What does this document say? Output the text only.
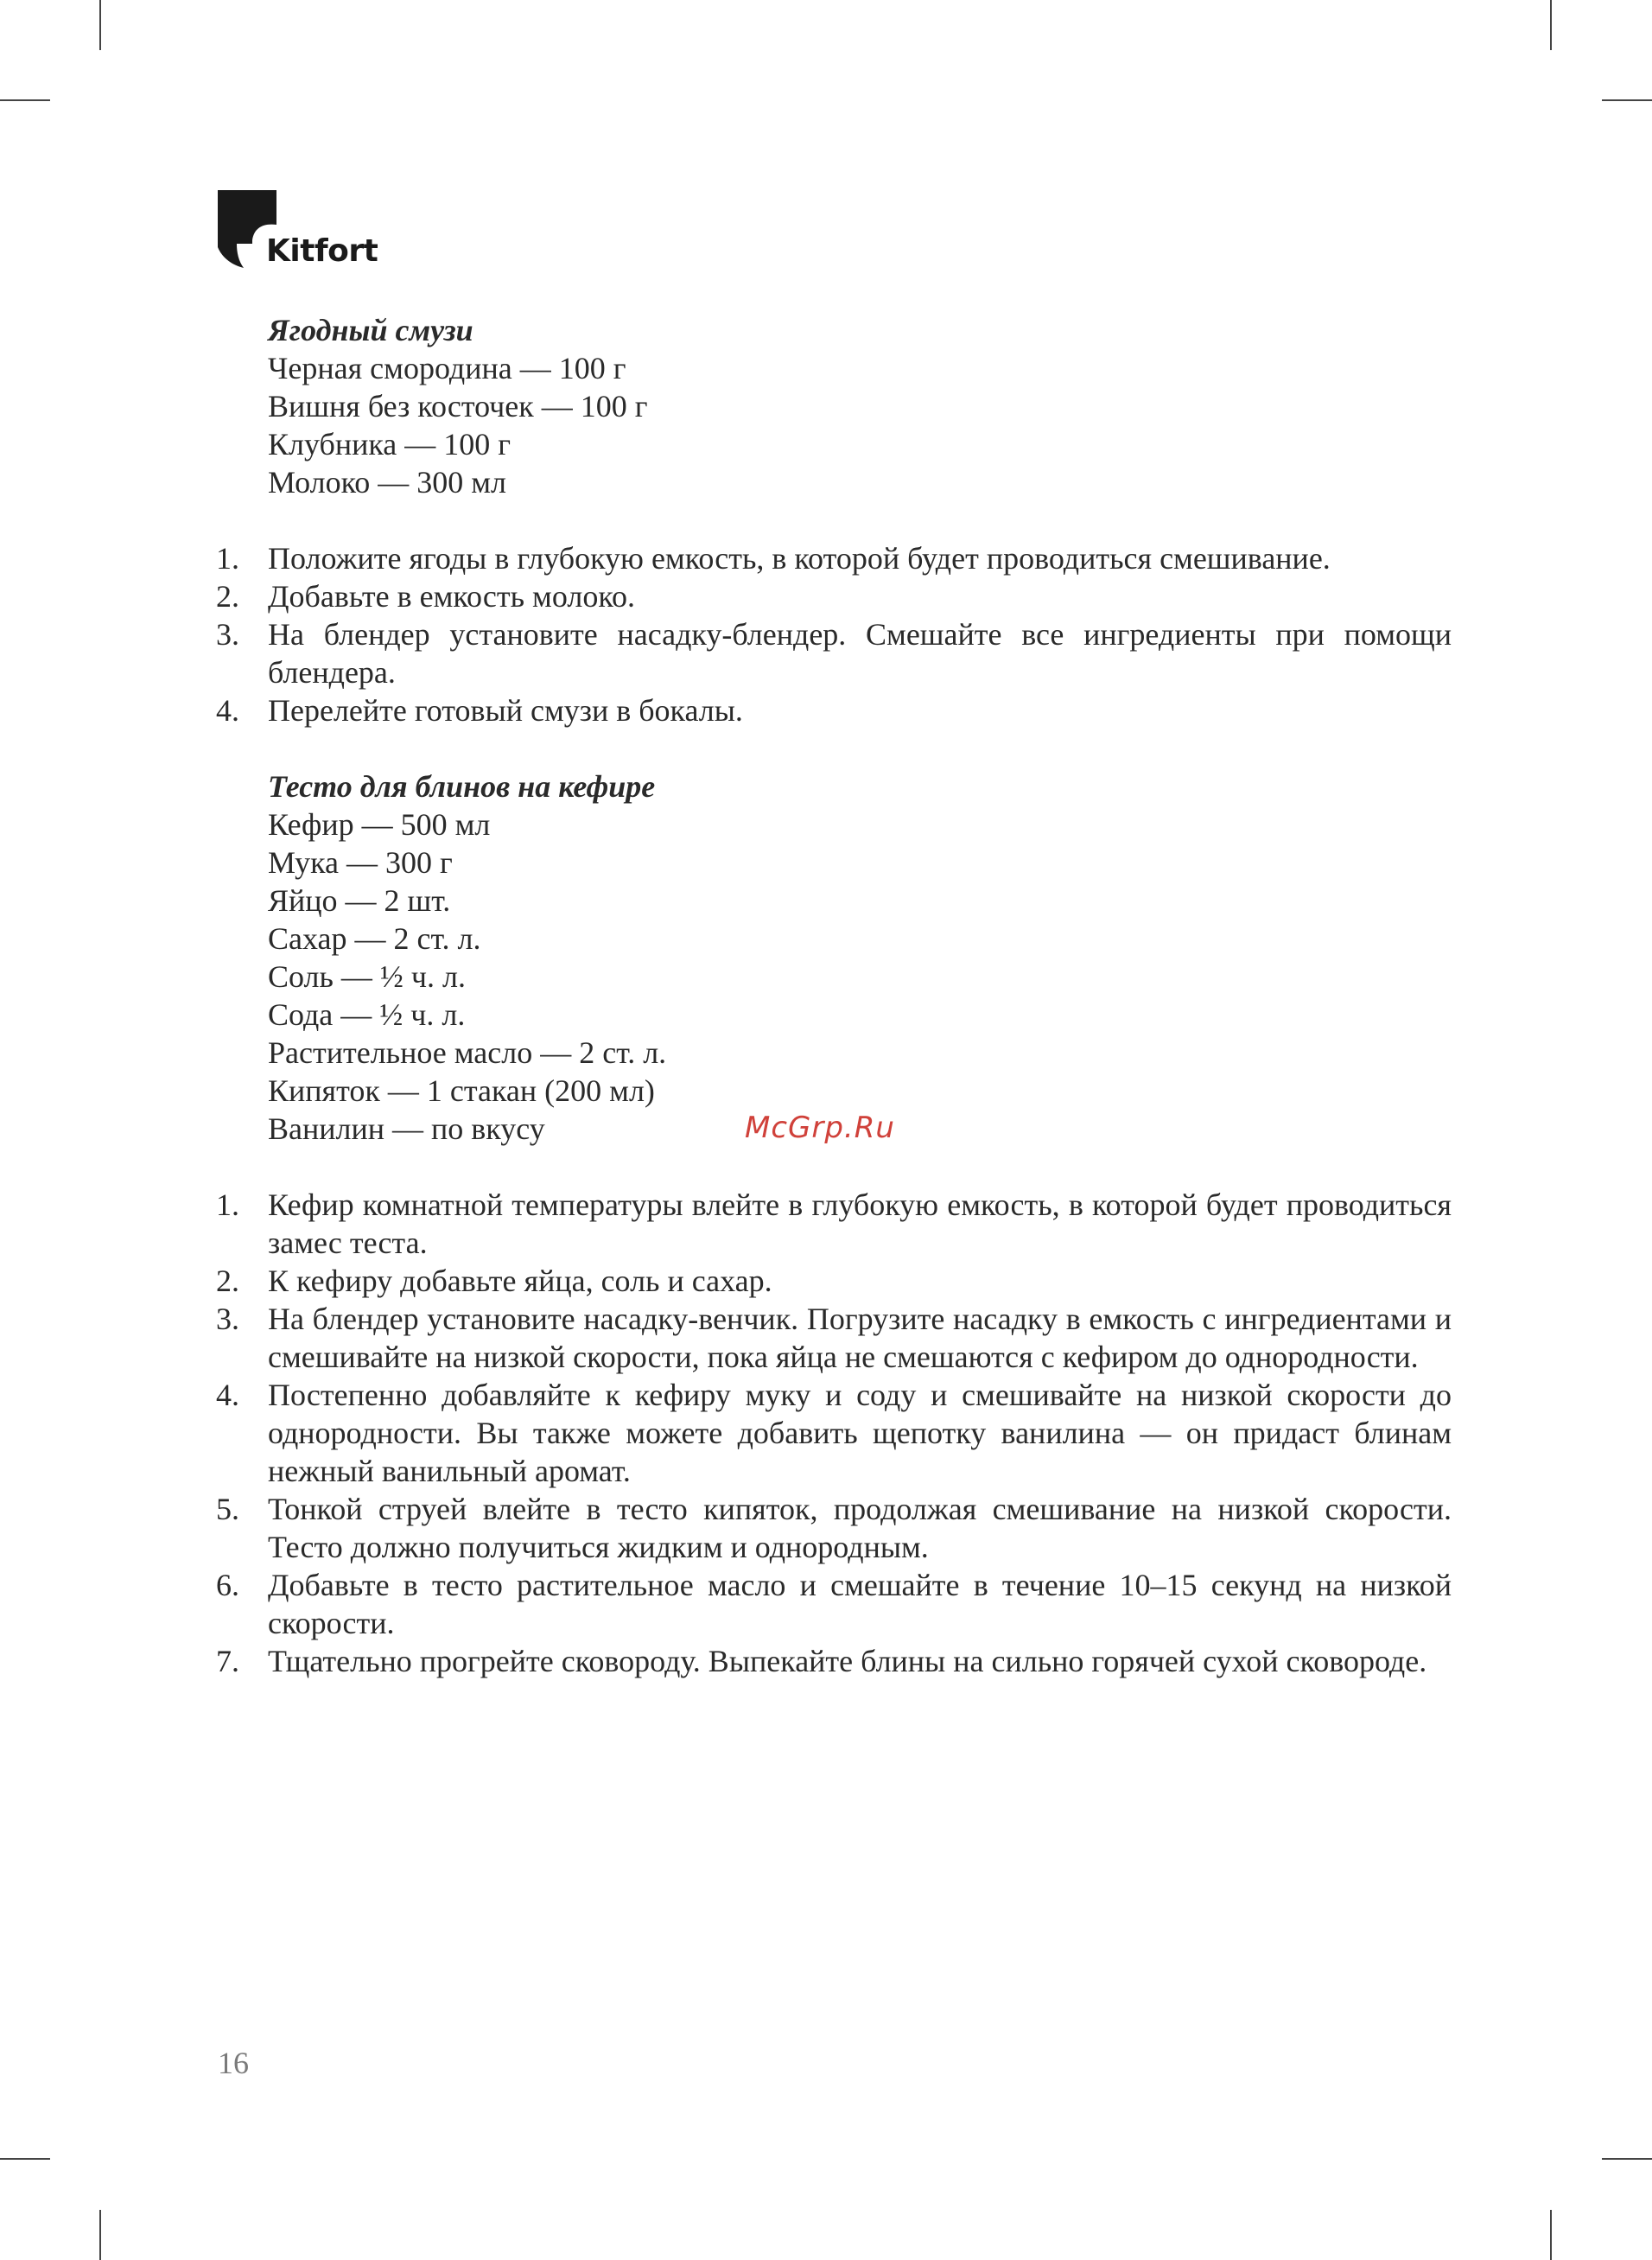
Kitfort
Ягодный смузи
Черная смородина — 100 г
Вишня без косточек — 100 г
Клубника — 100 г
Молоко — 300 мл
1. Положите ягоды в глубокую емкость, в которой будет проводиться смешивание.
2. Добавьте в емкость молоко.
3. На блендер установите насадку-блендер. Смешайте все ингредиенты при помощи блендера.
4. Перелейте готовый смузи в бокалы.
Тесто для блинов на кефире
Кефир — 500 мл
Мука — 300 г
Яйцо — 2 шт.
Сахар — 2 ст. л.
Соль — ½ ч. л.
Сода — ½ ч. л.
Растительное масло — 2 ст. л.
Кипяток — 1 стакан (200 мл)
Ванилин — по вкусу
1. Кефир комнатной температуры влейте в глубокую емкость, в которой будет проводиться замес теста.
2. К кефиру добавьте яйца, соль и сахар.
3. На блендер установите насадку-венчик. Погрузите насадку в емкость с ингредиентами и смешивайте на низкой скорости, пока яйца не смешаются с кефиром до однородности.
4. Постепенно добавляйте к кефиру муку и соду и смешивайте на низкой скорости до однородности. Вы также можете добавить щепотку ванилина — он придаст блинам нежный ванильный аромат.
5. Тонкой струей влейте в тесто кипяток, продолжая смешивание на низкой скорости. Тесто должно получиться жидким и однородным.
6. Добавьте в тесто растительное масло и смешайте в течение 10–15 секунд на низкой скорости.
7. Тщательно прогрейте сковороду. Выпекайте блины на сильно горячей сухой сковороде.
McGrp.Ru
16
